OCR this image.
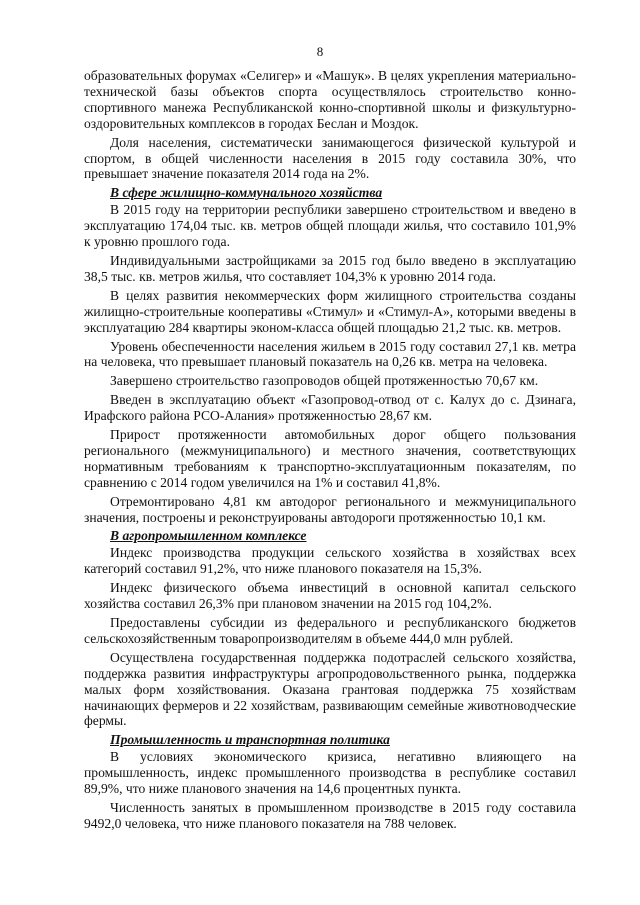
8

образовательных форумах «Селигер» и «Машук». В целях укрепления материально-технической базы объектов спорта осуществлялось строительство конно-спортивного манежа Республиканской конно-спортивной школы и физкультурно-оздоровительных комплексов в городах Беслан и Моздок.

Доля населения, систематически занимающегося физической культурой и спортом, в общей численности населения в 2015 году составила 30%, что превышает значение показателя 2014 года на 2%.

В сфере жилищно-коммунального хозяйства

В 2015 году на территории республики завершено строительством и введено в эксплуатацию 174,04 тыс. кв. метров общей площади жилья, что составило 101,9% к уровню прошлого года.

Индивидуальными застройщиками за 2015 год было введено в эксплуатацию 38,5 тыс. кв. метров жилья, что составляет 104,3% к уровню 2014 года.

В целях развития некоммерческих форм жилищного строительства созданы жилищно-строительные кооперативы «Стимул» и «Стимул-А», которыми введены в эксплуатацию 284 квартиры эконом-класса общей площадью 21,2 тыс. кв. метров.

Уровень обеспеченности населения жильем в 2015 году составил 27,1 кв. метра на человека, что превышает плановый показатель на 0,26 кв. метра на человека.

Завершено строительство газопроводов общей протяженностью 70,67 км.

Введен в эксплуатацию объект «Газопровод-отвод от с. Калух до с. Дзинага, Ирафского района РСО-Алания» протяженностью 28,67 км.

Прирост протяженности автомобильных дорог общего пользования регионального (межмуниципального) и местного значения, соответствующих нормативным требованиям к транспортно-эксплуатационным показателям, по сравнению с 2014 годом увеличился на 1% и составил 41,8%.

Отремонтировано 4,81 км автодорог регионального и межмуниципального значения, построены и реконструированы автодороги протяженностью 10,1 км.

В агропромышленном комплексе

Индекс производства продукции сельского хозяйства в хозяйствах всех категорий составил 91,2%, что ниже планового показателя на 15,3%.

Индекс физического объема инвестиций в основной капитал сельского хозяйства составил 26,3% при плановом значении на 2015 год 104,2%.

Предоставлены субсидии из федерального и республиканского бюджетов сельскохозяйственным товаропроизводителям в объеме 444,0 млн рублей.

Осуществлена государственная поддержка подотраслей сельского хозяйства, поддержка развития инфраструктуры агропродовольственного рынка, поддержка малых форм хозяйствования. Оказана грантовая поддержка 75 хозяйствам начинающих фермеров и 22 хозяйствам, развивающим семейные животноводческие фермы.

Промышленность и транспортная политика

В условиях экономического кризиса, негативно влияющего на промышленность, индекс промышленного производства в республике составил 89,9%, что ниже планового значения на 14,6 процентных пункта.

Численность занятых в промышленном производстве в 2015 году составила 9492,0 человека, что ниже планового показателя на 788 человек.
